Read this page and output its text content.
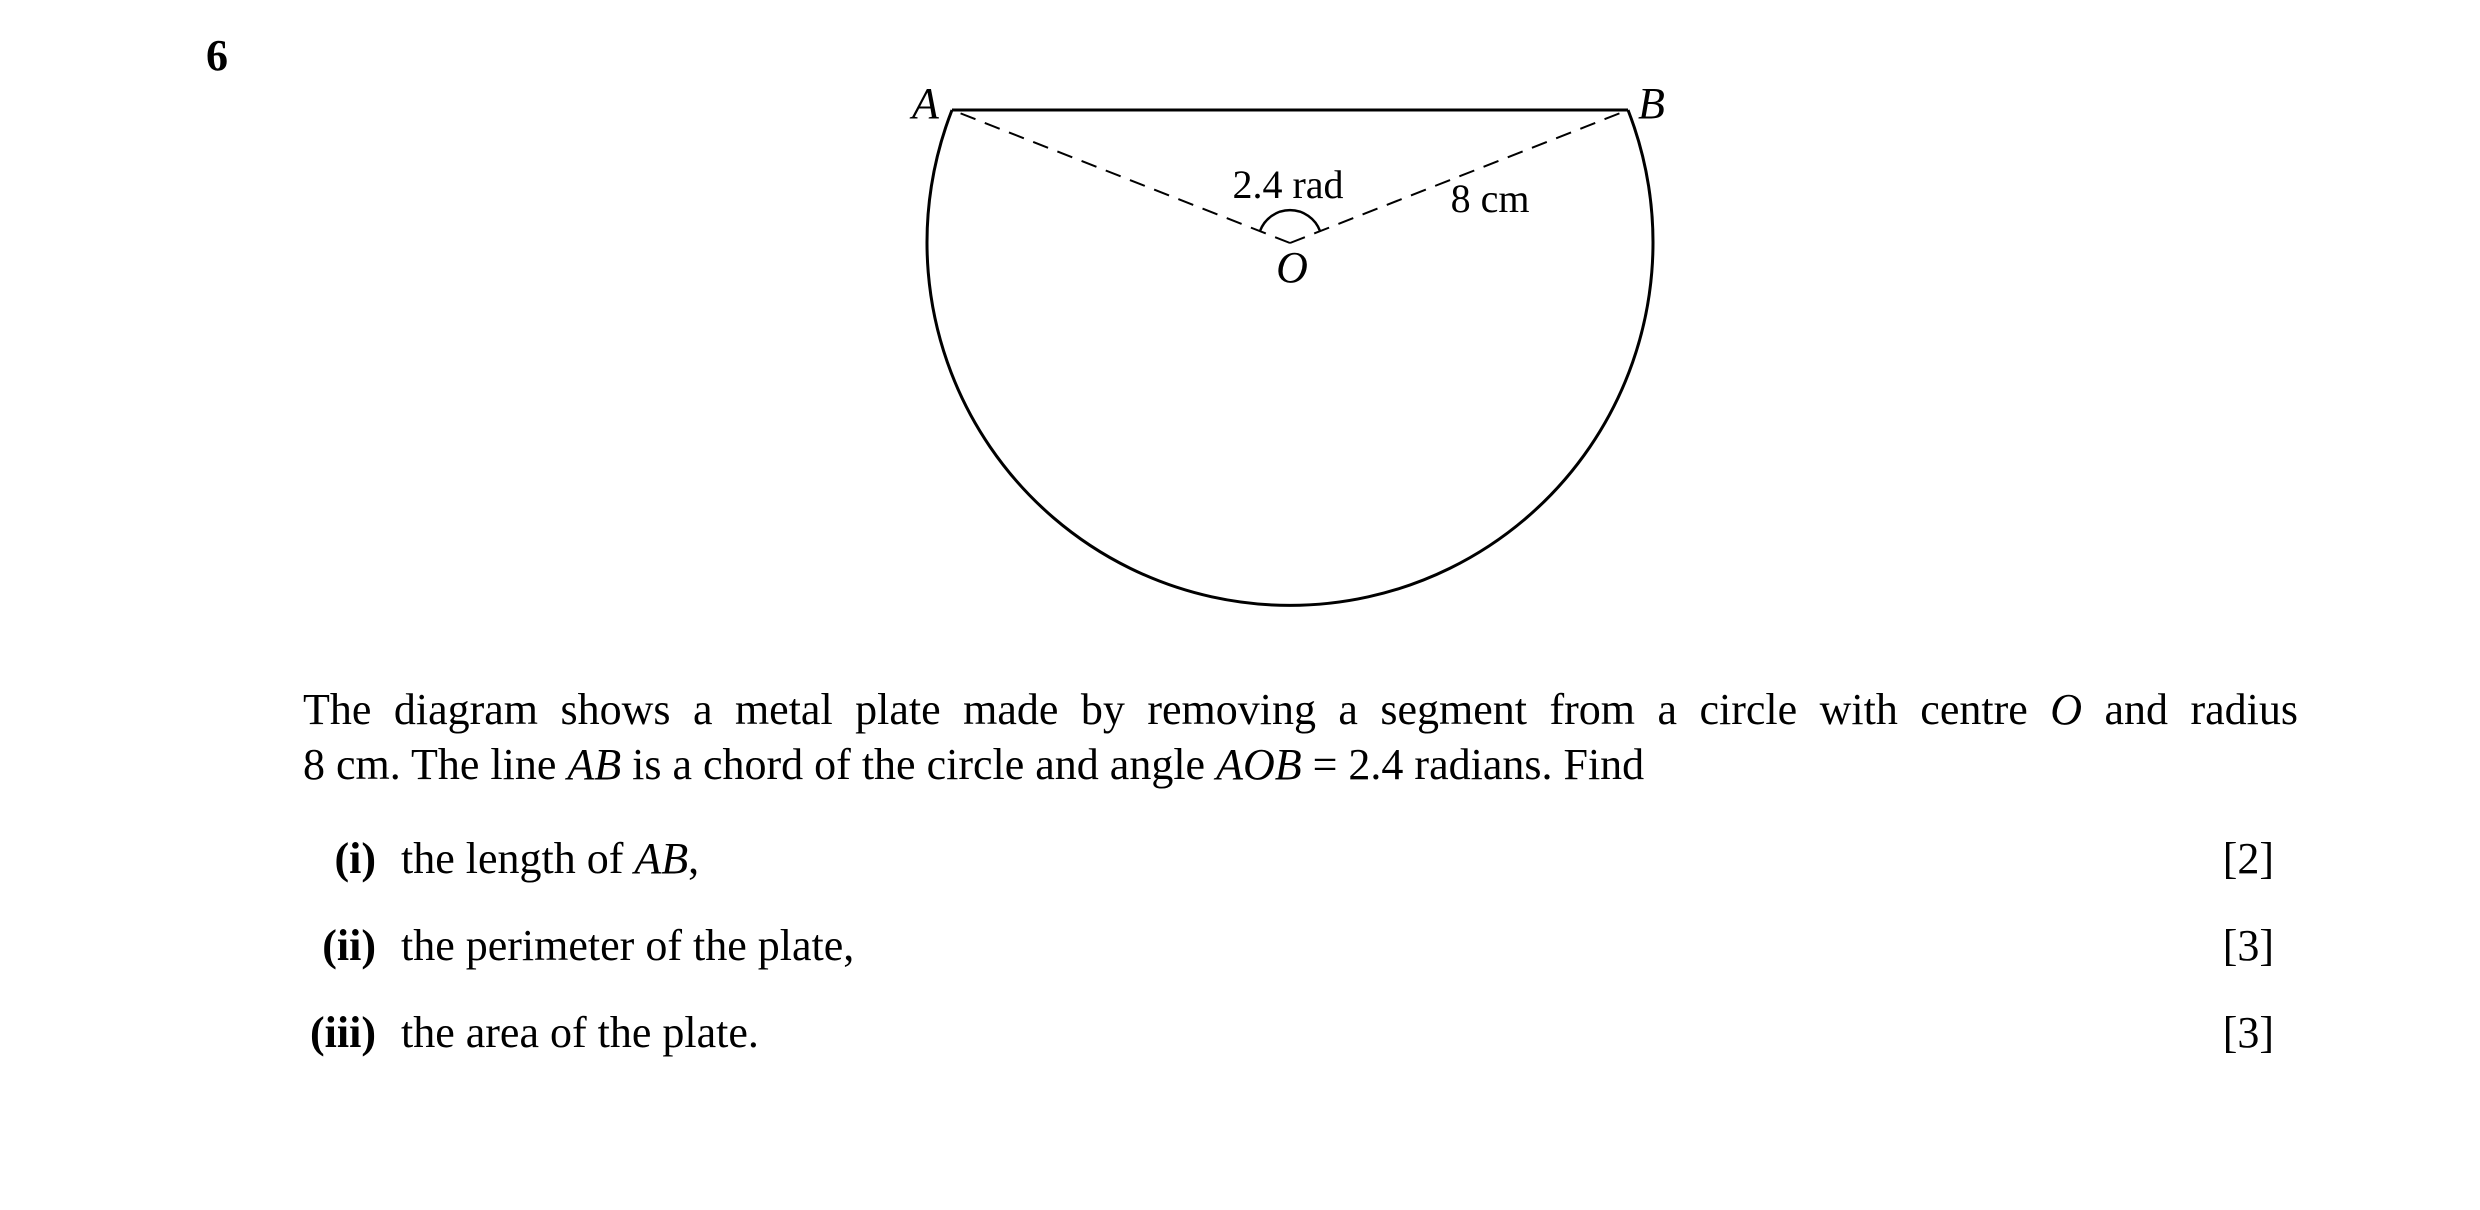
6
A	B
O
2.4 rad	8 cm
The diagram shows a metal plate made by removing a segment from a circle with centre O and radius
8 cm. The line AB is a chord of the circle and angle AOB = 2.4 radians. Find
(i) the length of AB,	[2]
(ii) the perimeter of the plate,	[3]
(iii) the area of the plate.	[3]
